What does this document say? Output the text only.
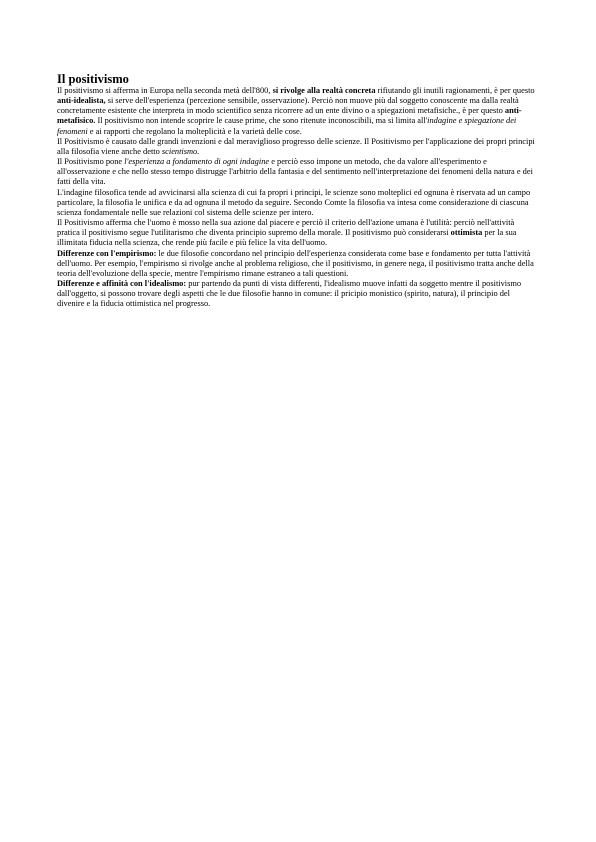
Il positivismo

Il positivismo si afferma in Europa nella seconda metà dell'800, si rivolge alla realtà concreta rifiutando gli inutili ragionamenti, è per questo anti-idealista, si serve dell'esperienza (percezione sensibile, osservazione). Perciò non muove più dal soggetto conoscente ma dalla realtà concretamente esistente che interpreta in modo scientifico senza ricorrere ad un ente divino o a spiegazioni metafisiche., è per questo anti-metafisico. Il positivismo non intende scoprire le cause prime, che sono ritenute inconoscibili, ma si limita all'indagine e spiegazione dei fenomeni e ai rapporti che regolano la molteplicità e la varietà delle cose.

Il Positivismo è causato dalle grandi invenzioni e dal meraviglioso progresso delle scienze. Il Positivismo per l'applicazione dei propri principi alla filosofia viene anche detto scientismo.

Il Positivismo pone l'esperienza a fondamento di ogni indagine e perciò esso impone un metodo, che da valore all'esperimento e all'osservazione e che nello stesso tempo distrugge l'arbitrio della fantasia e del sentimento nell'interpretazione dei fenomeni della natura e dei fatti della vita.

L'indagine filosofica tende ad avvicinarsi alla scienza di cui fa propri i principi, le scienze sono molteplici ed ognuna è riservata ad un campo particolare, la filosofia le unifica e da ad ognuna il metodo da seguire. Secondo Comte la filosofia va intesa come considerazione di ciascuna scienza fondamentale nelle sue relazioni col sistema delle scienze per intero.

Il Positivismo afferma che l'uomo è mosso nella sua azione dal piacere e perciò il criterio dell'azione umana è l'utilità: perciò nell'attività pratica il positivismo segue l'utilitarismo che diventa principio supremo della morale. Il positivismo può considerarsi ottimista per la sua illimitata fiducia nella scienza, che rende più facile e più felice la vita dell'uomo.

Differenze con l'empirismo: le due filosofie concordano nel princìpio dell'esperienza considerata come base e fondamento per tutta l'attività dell'uomo. Per esempio, l'empirismo si rivolge anche al problema religioso, che il positivismo, in genere nega, il positivismo tratta anche della teoria dell'evoluzione della specie, mentre l'empirismo rimane estraneo a tali questioni.

Differenze e affinità con l'idealismo: pur partendo da punti di vista differenti, l'idealismo muove infatti da soggetto mentre il positivismo dall'oggetto, si possono trovare degli aspetti che le due filosofie hanno in comune: il pricipio monistico (spirito, natura), il principio del divenire e la fiducia ottimistica nel progresso.
